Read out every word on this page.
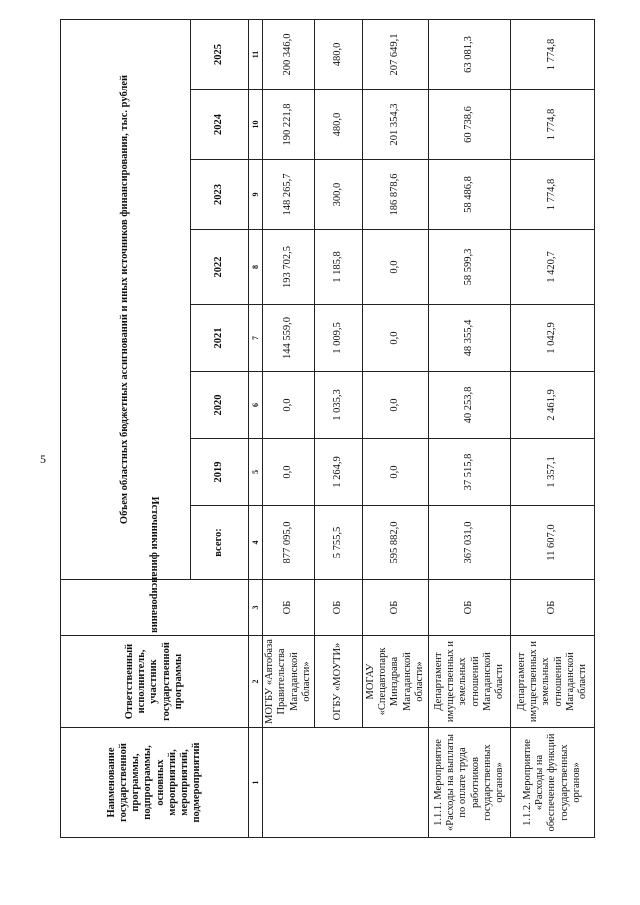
5
Наименование государственной программы, подпрограммы, основных мероприятий, мероприятий, подмероприятий	Ответственный исполнитель, участник государственной программы	Источники финансирования	Объем областных бюджетных ассигнований и иных источников финансирования, тыс. рублей							
			всего:	2019	2020	2021	2022	2023	2024	2025
1	2	3	4	5	6	7	8	9	10	11
	МОГБУ «Автобаза Правительства Магаданской области»	ОБ	877 095,0	0,0	0,0	144 559,0	193 702,5	148 265,7	190 221,8	200 346,0
	ОГБУ «МОУТИ»	ОБ	5 755,5	1 264,9	1 035,3	1 009,5	1 185,8	300,0	480,0	480,0
	МОГАУ «Спецавтопарк Минздрава Магаданской области»	ОБ	595 882,0	0,0	0,0	0,0	0,0	186 878,6	201 354,3	207 649,1
1.1.1. Мероприятие «Расходы на выплаты по оплате труда работников государственных органов»	Департамент имущественных и земельных отношений Магаданской области	ОБ	367 031,0	37 515,8	40 253,8	48 355,4	58 599,3	58 486,8	60 738,6	63 081,3
1.1.2. Мероприятие «Расходы на обеспечение функций государственных органов»	Департамент имущественных и земельных отношений Магаданской области	ОБ	11 607,0	1 357,1	2 461,9	1 042,9	1 420,7	1 774,8	1 774,8	1 774,8
